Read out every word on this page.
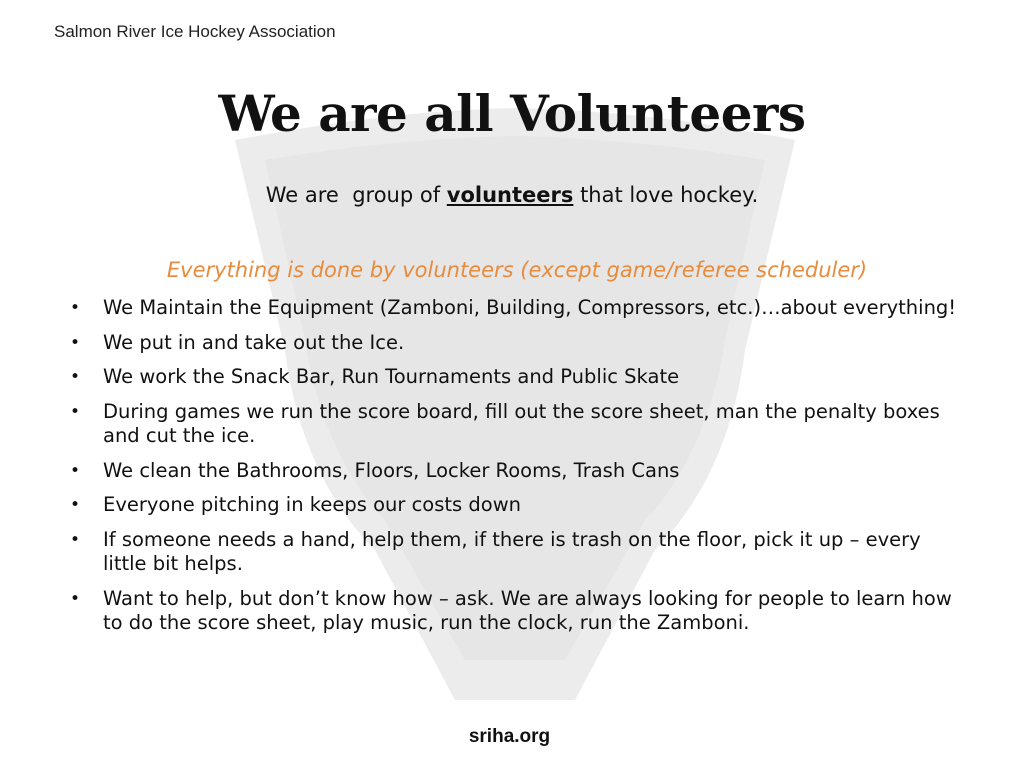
Salmon River Ice Hockey Association
We are all Volunteers
We are  group of volunteers that love hockey.
Everything is done by volunteers (except game/referee scheduler)
• We Maintain the Equipment (Zamboni, Building, Compressors, etc.)…about everything!
• We put in and take out the Ice.
• We work the Snack Bar, Run Tournaments and Public Skate
• During games we run the score board, fill out the score sheet, man the penalty boxes and cut the ice.
• We clean the Bathrooms, Floors, Locker Rooms, Trash Cans
• Everyone pitching in keeps our costs down
• If someone needs a hand, help them, if there is trash on the floor, pick it up – every little bit helps.
• Want to help, but don’t know how – ask. We are always looking for people to learn how to do the score sheet, play music, run the clock, run the Zamboni.
sriha.org
